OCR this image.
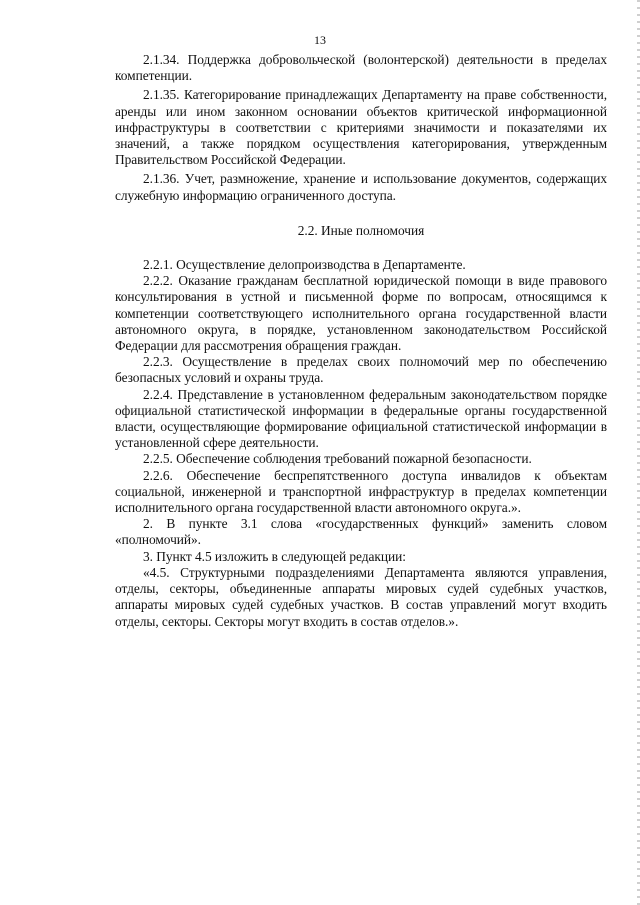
13

2.1.34. Поддержка добровольческой (волонтерской) деятельности в пределах компетенции.

2.1.35. Категорирование принадлежащих Департаменту на праве собственности, аренды или ином законном основании объектов критической информационной инфраструктуры в соответствии с критериями значимости и показателями их значений, а также порядком осуществления категорирования, утвержденным Правительством Российской Федерации.

2.1.36. Учет, размножение, хранение и использование документов, содержащих служебную информацию ограниченного доступа.

2.2. Иные полномочия

2.2.1. Осуществление делопроизводства в Департаменте.

2.2.2. Оказание гражданам бесплатной юридической помощи в виде правового консультирования в устной и письменной форме по вопросам, относящимся к компетенции соответствующего исполнительного органа государственной власти автономного округа, в порядке, установленном законодательством Российской Федерации для рассмотрения обращения граждан.

2.2.3. Осуществление в пределах своих полномочий мер по обеспечению безопасных условий и охраны труда.

2.2.4. Представление в установленном федеральным законодательством порядке официальной статистической информации в федеральные органы государственной власти, осуществляющие формирование официальной статистической информации в установленной сфере деятельности.

2.2.5. Обеспечение соблюдения требований пожарной безопасности.

2.2.6. Обеспечение беспрепятственного доступа инвалидов к объектам социальной, инженерной и транспортной инфраструктур в пределах компетенции исполнительного органа государственной власти автономного округа.».

2. В пункте 3.1 слова «государственных функций» заменить словом «полномочий».

3. Пункт 4.5 изложить в следующей редакции:

«4.5. Структурными подразделениями Департамента являются управления, отделы, секторы, объединенные аппараты мировых судей судебных участков, аппараты мировых судей судебных участков. В состав управлений могут входить отделы, секторы. Секторы могут входить в состав отделов.».
